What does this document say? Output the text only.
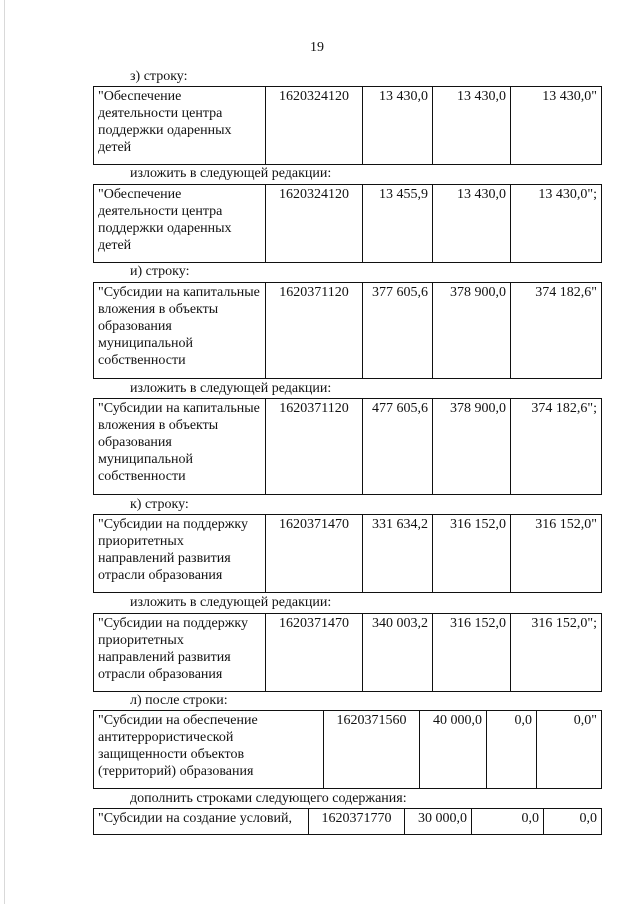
19
з) строку:
"Обеспечение деятельности центра поддержки одаренных детей	1620324120	13 430,0	13 430,0	13 430,0"
изложить в следующей редакции:
"Обеспечение деятельности центра поддержки одаренных детей	1620324120	13 455,9	13 430,0	13 430,0";
и) строку:
"Субсидии на капитальные вложения в объекты образования муниципальной собственности	1620371120	377 605,6	378 900,0	374 182,6"
изложить в следующей редакции:
"Субсидии на капитальные вложения в объекты образования муниципальной собственности	1620371120	477 605,6	378 900,0	374 182,6";
к) строку:
"Субсидии на поддержку приоритетных направлений развития отрасли образования	1620371470	331 634,2	316 152,0	316 152,0"
изложить в следующей редакции:
"Субсидии на поддержку приоритетных направлений развития отрасли образования	1620371470	340 003,2	316 152,0	316 152,0";
л) после строки:
"Субсидии на обеспечение антитеррористической защищенности объектов (территорий) образования	1620371560	40 000,0	0,0	0,0"
дополнить строками следующего содержания:
"Субсидии на создание условий,	1620371770	30 000,0	0,0	0,0
